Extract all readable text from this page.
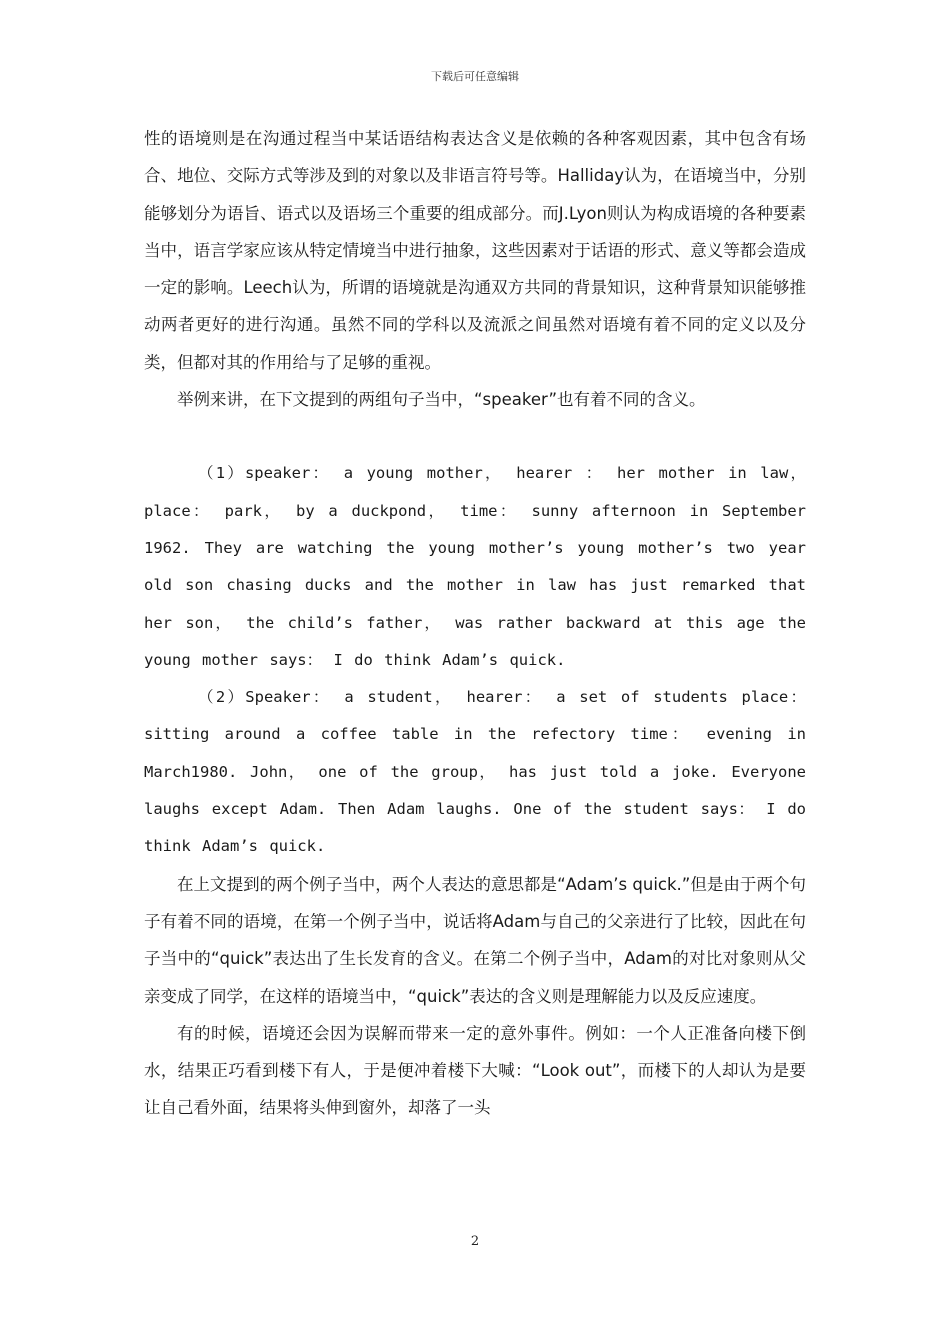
下载后可任意编辑

性的语境则是在沟通过程当中某话语结构表达含义是依赖的各种客观因素，其中包含有场合、地位、交际方式等涉及到的对象以及非语言符号等。Halliday认为，在语境当中，分别能够划分为语旨、语式以及语场三个重要的组成部分。而J.Lyon则认为构成语境的各种要素当中，语言学家应该从特定情境当中进行抽象，这些因素对于话语的形式、意义等都会造成一定的影响。Leech认为，所谓的语境就是沟通双方共同的背景知识，这种背景知识能够推动两者更好的进行沟通。虽然不同的学科以及流派之间虽然对语境有着不同的定义以及分类，但都对其的作用给与了足够的重视。

举例来讲，在下文提到的两组句子当中，“speaker”也有着不同的含义。

（1）speaker： a young mother， hearer ： her mother in law， place： park， by a duckpond， time： sunny afternoon in September 1962. They are watching the young mother’s young mother’s two year old son chasing ducks and the mother in law has just remarked that her son， the child’s father， was rather backward at this age the young mother says： I do think Adam’s quick.

（2）Speaker： a student， hearer： a set of students place： sitting around a coffee table in the refectory time： evening in March1980. John， one of the group， has just told a joke. Everyone laughs except Adam. Then Adam laughs. One of the student says： I do think Adam’s quick.

在上文提到的两个例子当中，两个人表达的意思都是“Adam’s quick.”但是由于两个句子有着不同的语境，在第一个例子当中，说话将Adam与自己的父亲进行了比较，因此在句子当中的“quick”表达出了生长发育的含义。在第二个例子当中，Adam的对比对象则从父亲变成了同学，在这样的语境当中，“quick”表达的含义则是理解能力以及反应速度。

有的时候，语境还会因为误解而带来一定的意外事件。例如：一个人正准备向楼下倒水，结果正巧看到楼下有人，于是便冲着楼下大喊：“Look out”，而楼下的人却认为是要让自己看外面，结果将头伸到窗外，却落了一头

2
